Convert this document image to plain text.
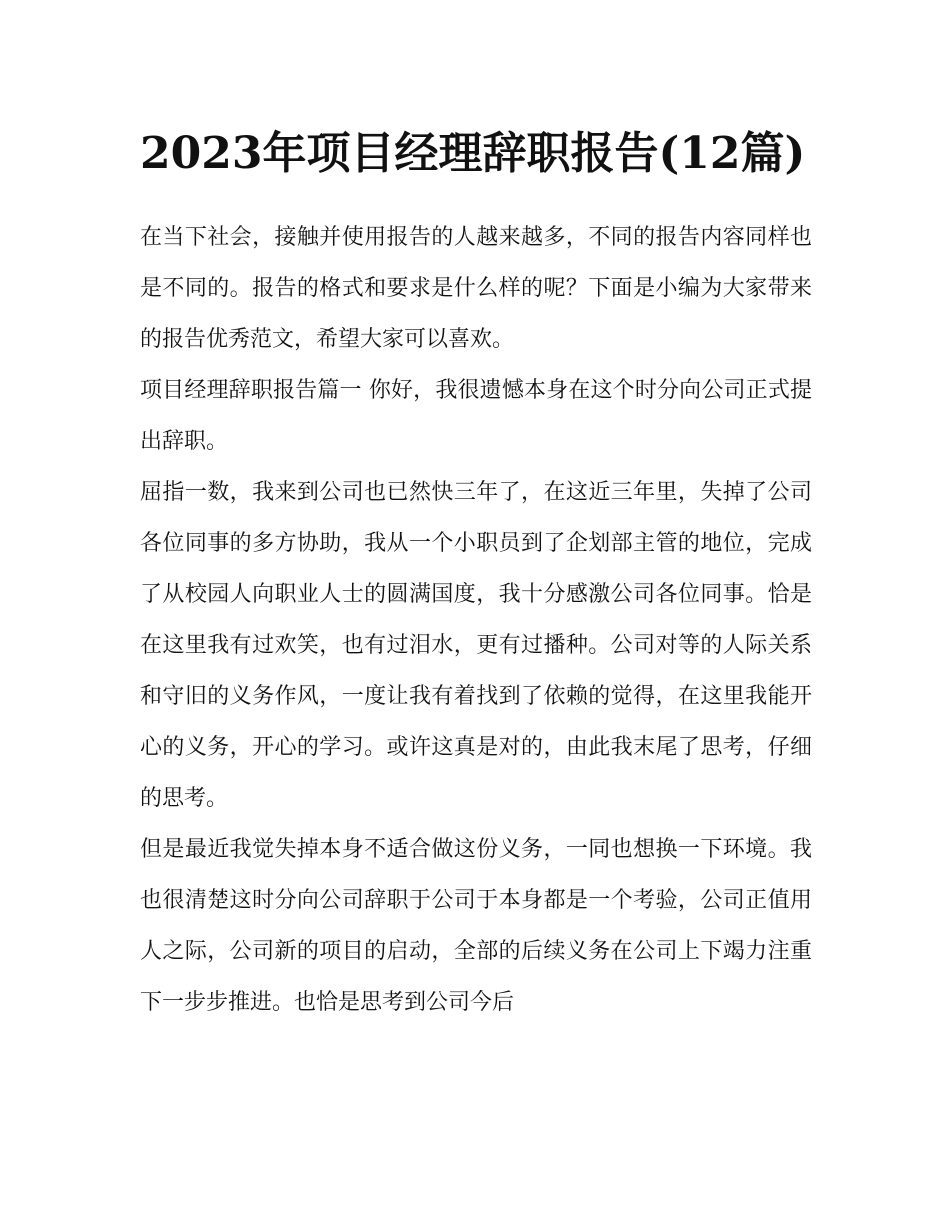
2023年项目经理辞职报告(12篇)

在当下社会，接触并使用报告的人越来越多，不同的报告内容同样也是不同的。报告的格式和要求是什么样的呢？下面是小编为大家带来的报告优秀范文，希望大家可以喜欢。

项目经理辞职报告篇一 你好，我很遗憾本身在这个时分向公司正式提出辞职。

屈指一数，我来到公司也已然快三年了，在这近三年里，失掉了公司各位同事的多方协助，我从一个小职员到了企划部主管的地位，完成了从校园人向职业人士的圆满国度，我十分感激公司各位同事。恰是在这里我有过欢笑，也有过泪水，更有过播种。公司对等的人际关系和守旧的义务作风，一度让我有着找到了依赖的觉得，在这里我能开心的义务，开心的学习。或许这真是对的，由此我末尾了思考，仔细的思考。

但是最近我觉失掉本身不适合做这份义务，一同也想换一下环境。我也很清楚这时分向公司辞职于公司于本身都是一个考验，公司正值用人之际，公司新的项目的启动，全部的后续义务在公司上下竭力注重下一步步推进。也恰是思考到公司今后
